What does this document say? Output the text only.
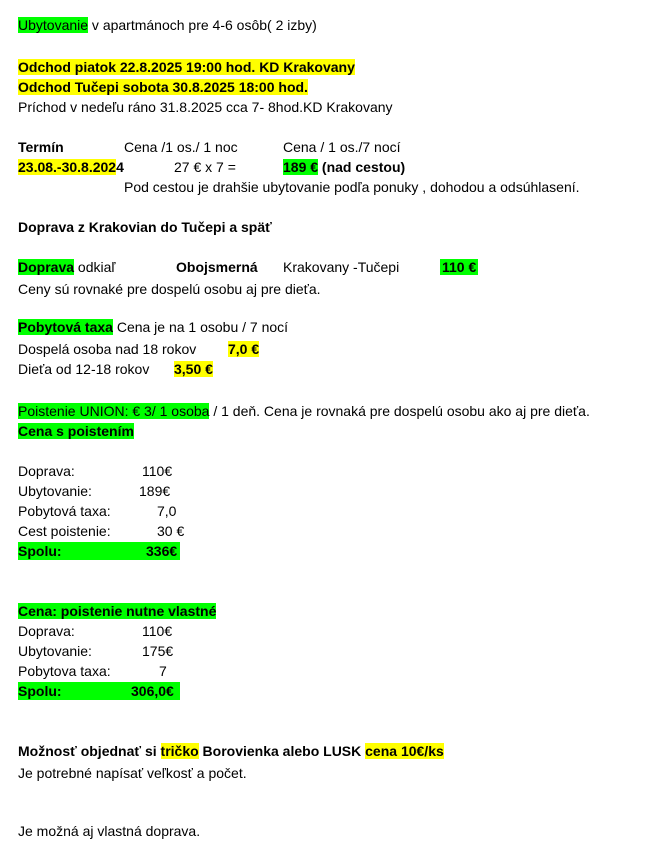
Ubytovanie v apartmánoch pre 4-6 osôb( 2 izby)
Odchod piatok 22.8.2025 19:00 hod. KD Krakovany
Odchod Tučepi sobota 30.8.2025 18:00 hod.
Príchod v nedeľu ráno 31.8.2025 cca 7- 8hod.KD Krakovany
Termín	Cena /1 os./ 1 noc	Cena / 1 os./7 nocí
23.08.-30.8.2024	27 € x 7 =	189 € (nad cestou)
Pod cestou je drahšie ubytovanie podľa ponuky , dohodou a odsúhlasení.
Doprava z Krakovian do Tučepi a späť
Doprava odkiaľ	Obojsmerná Krakovany -Tučepi	110 €
Ceny sú rovnaké pre dospelú osobu aj pre dieťa.
Pobytová taxa Cena je na 1 osobu / 7 nocí
Dospelá osoba nad 18 rokov 7,0 €
Dieťa od 12-18 rokov 3,50 €
Poistenie UNION: € 3/ 1 osoba / 1 deň. Cena je rovnaká pre dospelú osobu ako aj pre dieťa.
Cena s poistením
Doprava:	110€
Ubytovanie:	189€
Pobytová taxa:	7,0
Cest poistenie:	30 €
Spolu:	336€
Cena: poistenie nutne vlastné
Doprava:	110€
Ubytovanie:	175€
Pobytova taxa:	7
Spolu:	306,0€
Možnosť objednať si tričko Borovienka alebo LUSK cena 10€/ks
Je potrebné napísať veľkosť a počet.
Je možná aj vlastná doprava.
